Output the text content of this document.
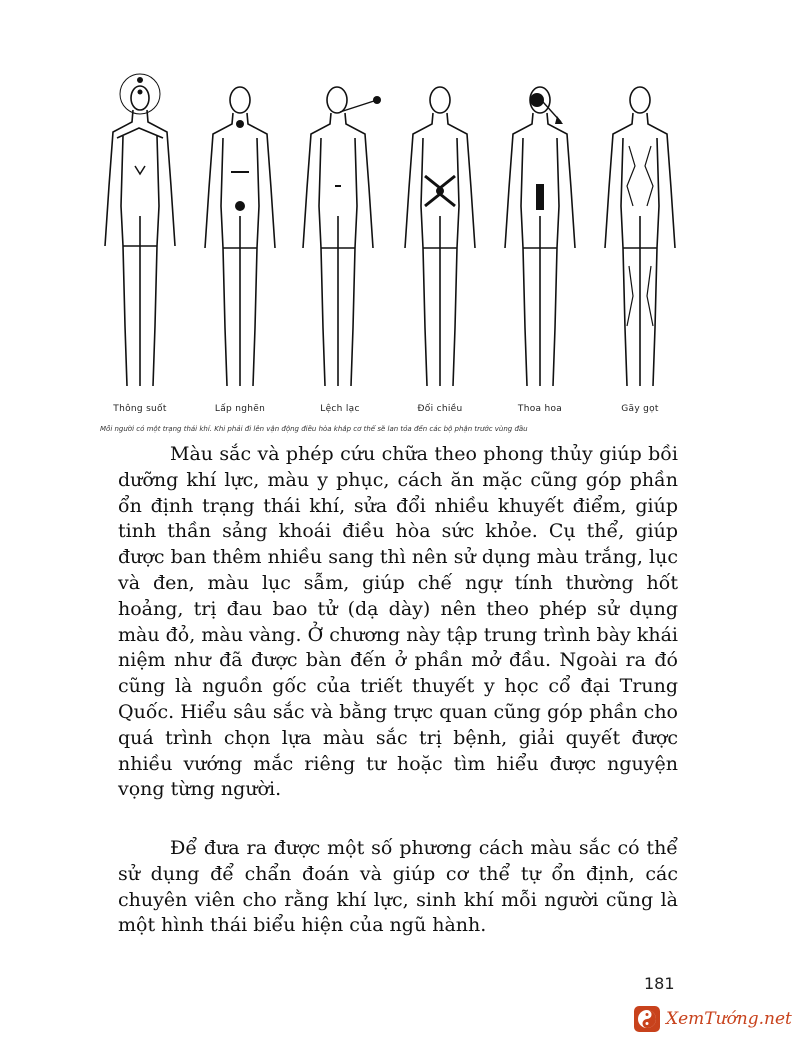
Thông suốt	Lấp nghẽn	Lệch lạc	Đối chiều	Thoa hoa	Gãy gọt
Mỗi người có một trạng thái khí. Khi phải đi lên vận động điều hòa khắp cơ thể sẽ lan tỏa đến các bộ phận trước vùng đầu

Màu sắc và phép cứu chữa theo phong thủy giúp bồi dưỡng khí lực, màu y phục, cách ăn mặc cũng góp phần ổn định trạng thái khí, sửa đổi nhiều khuyết điểm, giúp tinh thần sảng khoái điều hòa sức khỏe. Cụ thể, giúp được ban thêm nhiều sang thì nên sử dụng màu trắng, lục và đen, màu lục sẫm, giúp chế ngự tính thường hốt hoảng, trị đau bao tử (dạ dày) nên theo phép sử dụng màu đỏ, màu vàng. Ở chương này tập trung trình bày khái niệm như đã được bàn đến ở phần mở đầu. Ngoài ra đó cũng là nguồn gốc của triết thuyết y học cổ đại Trung Quốc. Hiểu sâu sắc và bằng trực quan cũng góp phần cho quá trình chọn lựa màu sắc trị bệnh, giải quyết được nhiều vướng mắc riêng tư hoặc tìm hiểu được nguyện vọng từng người.

Để đưa ra được một số phương cách màu sắc có thể sử dụng để chẩn đoán và giúp cơ thể tự ổn định, các chuyên viên cho rằng khí lực, sinh khí mỗi người cũng là một hình thái biểu hiện của ngũ hành.

181
XemTướng.net
